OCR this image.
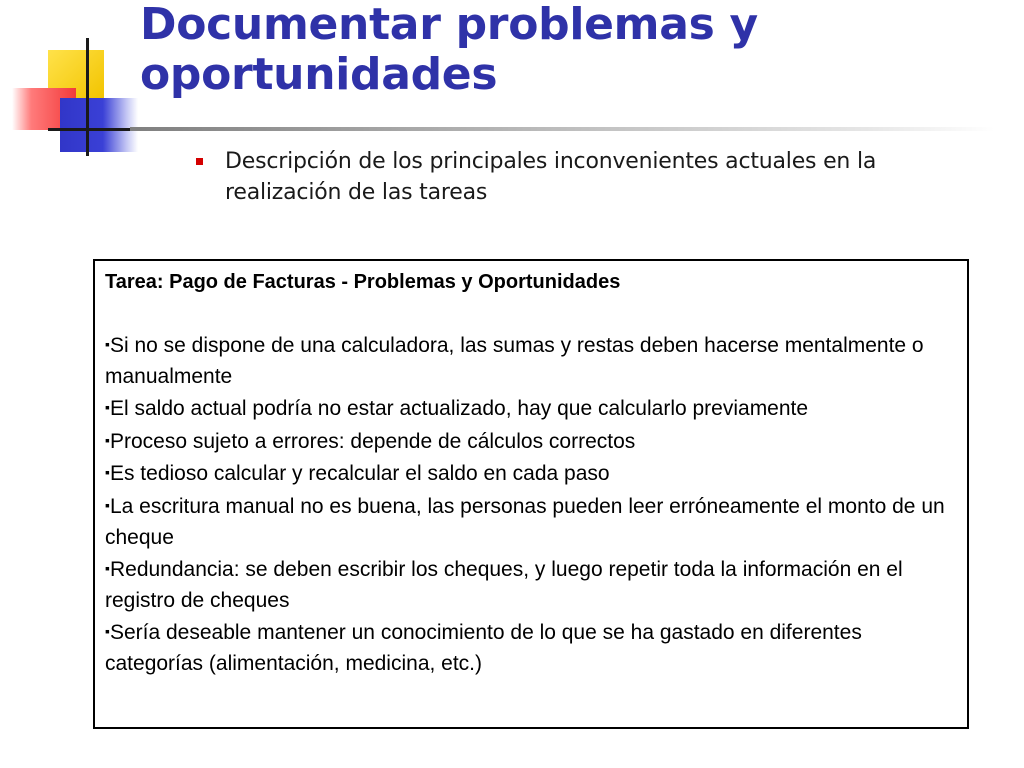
Documentar problemas y oportunidades
Descripción de los principales inconvenientes actuales en la realización de las tareas

Tarea: Pago de Facturas - Problemas y Oportunidades

▪Si no se dispone de una calculadora, las sumas y restas deben hacerse mentalmente o manualmente

▪El saldo actual podría no estar actualizado, hay que calcularlo previamente

▪Proceso sujeto a errores: depende de cálculos correctos

▪Es tedioso calcular y recalcular el saldo en cada paso

▪La escritura manual no es buena, las personas pueden leer erróneamente el monto de un cheque

▪Redundancia: se deben escribir los cheques, y luego repetir toda la información en el registro de cheques

▪Sería deseable mantener un conocimiento de lo que se ha gastado en diferentes categorías (alimentación, medicina, etc.)
